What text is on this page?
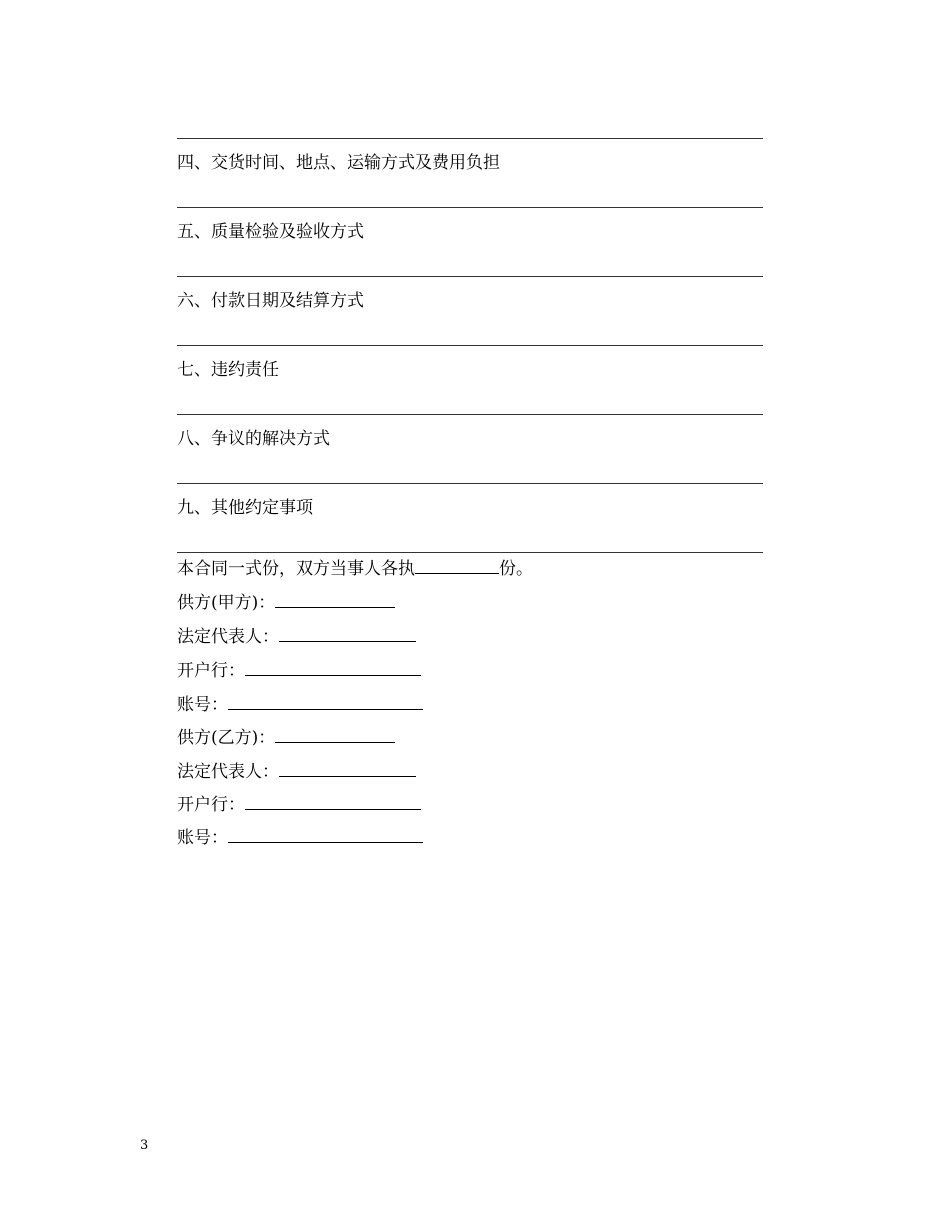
四、交货时间、地点、运输方式及费用负担
五、质量检验及验收方式
六、付款日期及结算方式
七、违约责任
八、争议的解决方式
九、其他约定事项
本合同一式份，双方当事人各执	份。
供方(甲方)：
法定代表人：
开户行：
账号：
供方(乙方)：
法定代表人：
开户行：
账号：
3
